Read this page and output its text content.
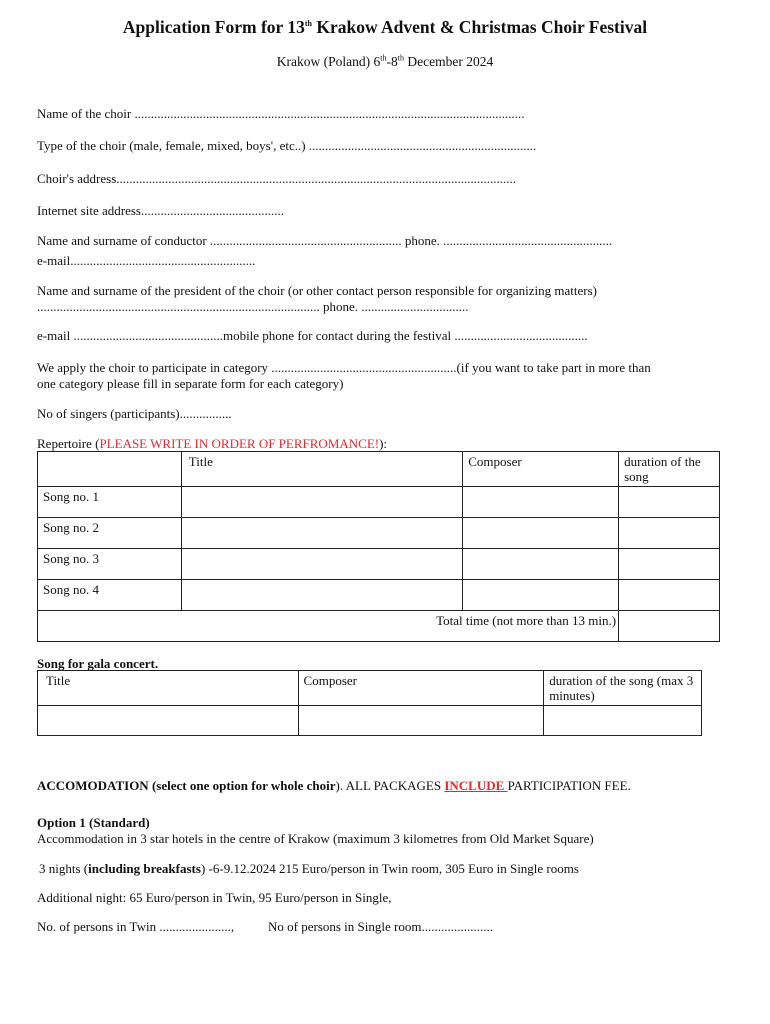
Application Form for 13th Krakow Advent & Christmas Choir Festival
Krakow (Poland) 6th-8th December 2024
Name of the choir ........................................................................................................................
Type of the choir (male, female, mixed, boys', etc..) ......................................................................
Choir's address...........................................................................................................................
Internet site address............................................
Name and surname of conductor ........................................................... phone. ....................................................
e-mail.........................................................
Name and surname of the president of the choir (or other contact person responsible for organizing matters)
....................................................................................... phone. .................................
e-mail ..............................................mobile phone for contact during the festival .........................................
We apply the choir to participate in category .........................................................(if you want to take part in more than
one category please fill in separate form for each category)
No of singers (participants)................
Repertoire (PLEASE WRITE IN ORDER OF PERFROMANCE!):
	Title	Composer	duration of the song
Song no. 1			
Song no. 2			
Song no. 3			
Song no. 4			
Total time (not more than 13 min.)			
Song for gala concert.
Title	Composer	duration of the song (max 3 minutes)

ACCOMODATION (select one option for whole choir). ALL PACKAGES INCLUDE PARTICIPATION FEE.
Option 1 (Standard)
Accommodation in 3 star hotels in the centre of Krakow (maximum 3 kilometres from Old Market Square)
3 nights (including breakfasts) -6-9.12.2024 215 Euro/person in Twin room, 305 Euro in Single rooms
Additional night: 65 Euro/person in Twin, 95 Euro/person in Single,
No. of persons in Twin ......................,	No of persons in Single room......................
